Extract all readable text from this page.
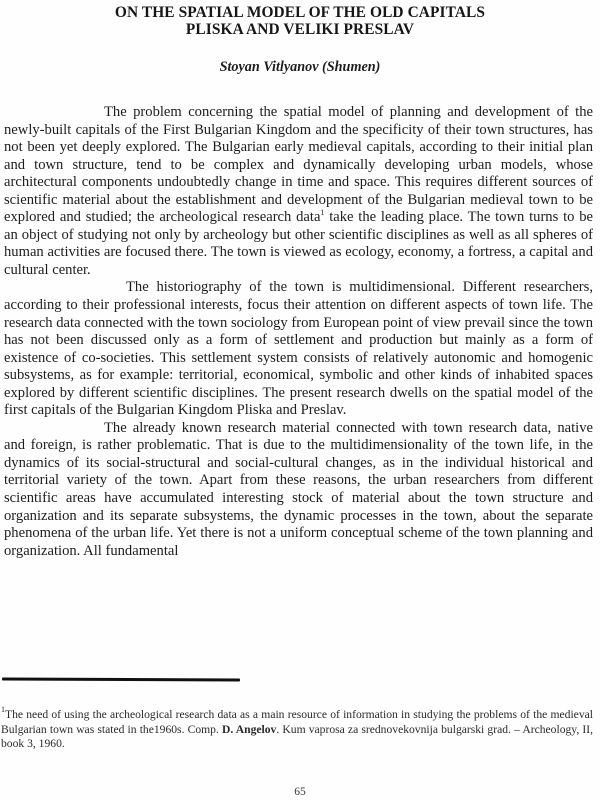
ON THE SPATIAL MODEL OF THE OLD CAPITALS
PLISKA AND VELIKI PRESLAV
Stoyan Vitlyanov (Shumen)

The problem concerning the spatial model of planning and development of the newly-built capitals of the First Bulgarian Kingdom and the specificity of their town structures, has not been yet deeply explored. The Bulgarian early medieval capitals, according to their initial plan and town structure, tend to be complex and dynamically developing urban models, whose architectural components undoubtedly change in time and space. This requires different sources of scientific material about the establishment and development of the Bulgarian medieval town to be explored and studied; the archeological research data$^1$ take the leading place. The town turns to be an object of studying not only by archeology but other scientific disciplines as well as all spheres of human activities are focused there. The town is viewed as ecology, economy, a fortress, a capital and cultural center.

The historiography of the town is multidimensional. Different researchers, according to their professional interests, focus their attention on different aspects of town life. The research data connected with the town sociology from European point of view prevail since the town has not been discussed only as a form of settlement and production but mainly as a form of existence of co-societies. This settlement system consists of relatively autonomic and homogenic subsystems, as for example: territorial, economical, symbolic and other kinds of inhabited spaces explored by different scientific disciplines. The present research dwells on the spatial model of the first capitals of the Bulgarian Kingdom Pliska and Preslav.

The already known research material connected with town research data, native and foreign, is rather problematic. That is due to the multidimensionality of the town life, in the dynamics of its social-structural and social-cultural changes, as in the individual historical and territorial variety of the town. Apart from these reasons, the urban researchers from different scientific areas have accumulated interesting stock of material about the town structure and organization and its separate subsystems, the dynamic processes in the town, about the separate phenomena of the urban life. Yet there is not a uniform conceptual scheme of the town planning and organization. All fundamental

$^1$The need of using the archeological research data as a main resource of information in studying the problems of the medieval Bulgarian town was stated in the1960s. Comp. D. Angelov. Kum vaprosa za srednovekovnija bulgarski grad. – Archeology, II, book 3, 1960.
65
